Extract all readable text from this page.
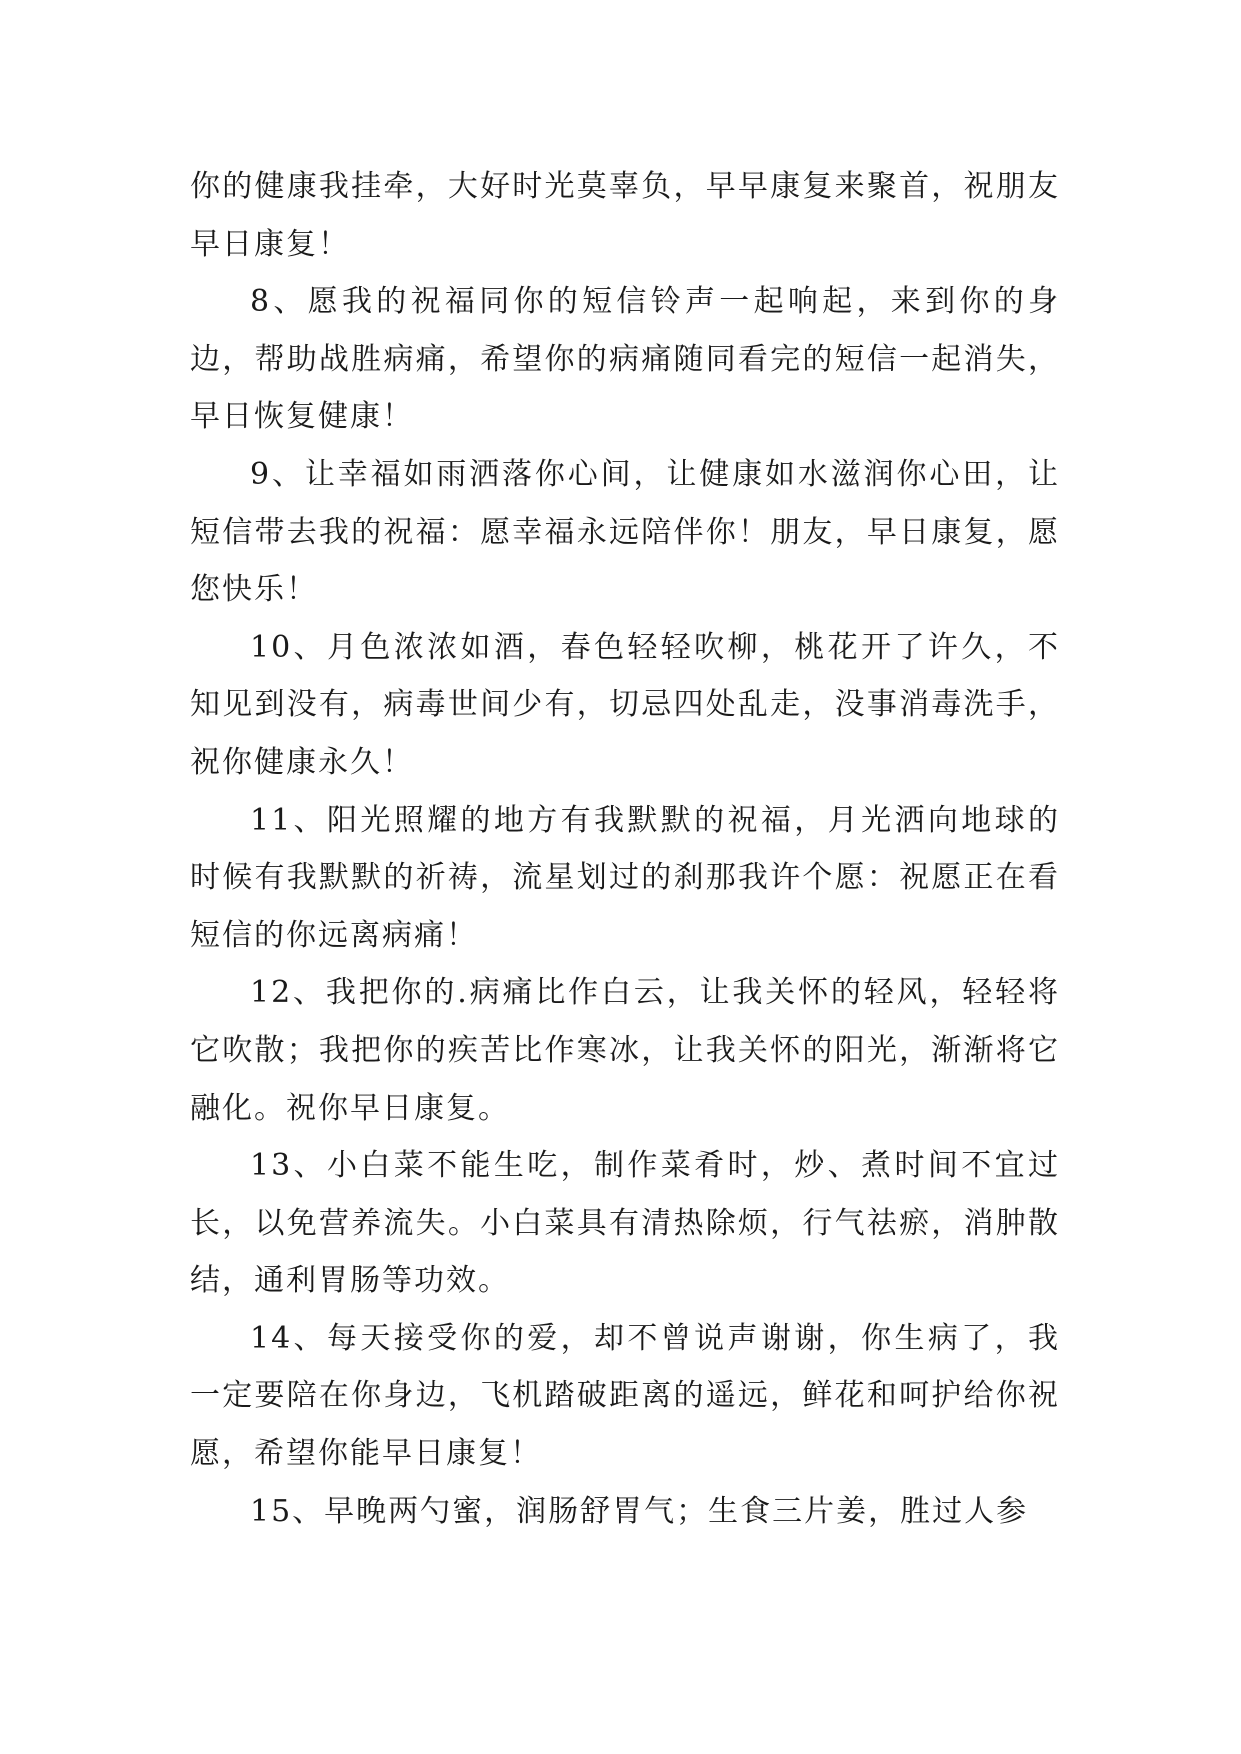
你的健康我挂牵，大好时光莫辜负，早早康复来聚首，祝朋友早日康复！

8、愿我的祝福同你的短信铃声一起响起，来到你的身边，帮助战胜病痛，希望你的病痛随同看完的短信一起消失，早日恢复健康！

9、让幸福如雨洒落你心间，让健康如水滋润你心田，让短信带去我的祝福：愿幸福永远陪伴你！朋友，早日康复，愿您快乐！

10、月色浓浓如酒，春色轻轻吹柳，桃花开了许久，不知见到没有，病毒世间少有，切忌四处乱走，没事消毒洗手，祝你健康永久！

11、阳光照耀的地方有我默默的祝福，月光洒向地球的时候有我默默的祈祷，流星划过的刹那我许个愿：祝愿正在看短信的你远离病痛！

12、我把你的.病痛比作白云，让我关怀的轻风，轻轻将它吹散；我把你的疾苦比作寒冰，让我关怀的阳光，渐渐将它融化。祝你早日康复。

13、小白菜不能生吃，制作菜肴时，炒、煮时间不宜过长，以免营养流失。小白菜具有清热除烦，行气祛瘀，消肿散结，通利胃肠等功效。

14、每天接受你的爱，却不曾说声谢谢，你生病了，我一定要陪在你身边，飞机踏破距离的遥远，鲜花和呵护给你祝愿，希望你能早日康复！

15、早晚两勺蜜，润肠舒胃气；生食三片姜，胜过人参
